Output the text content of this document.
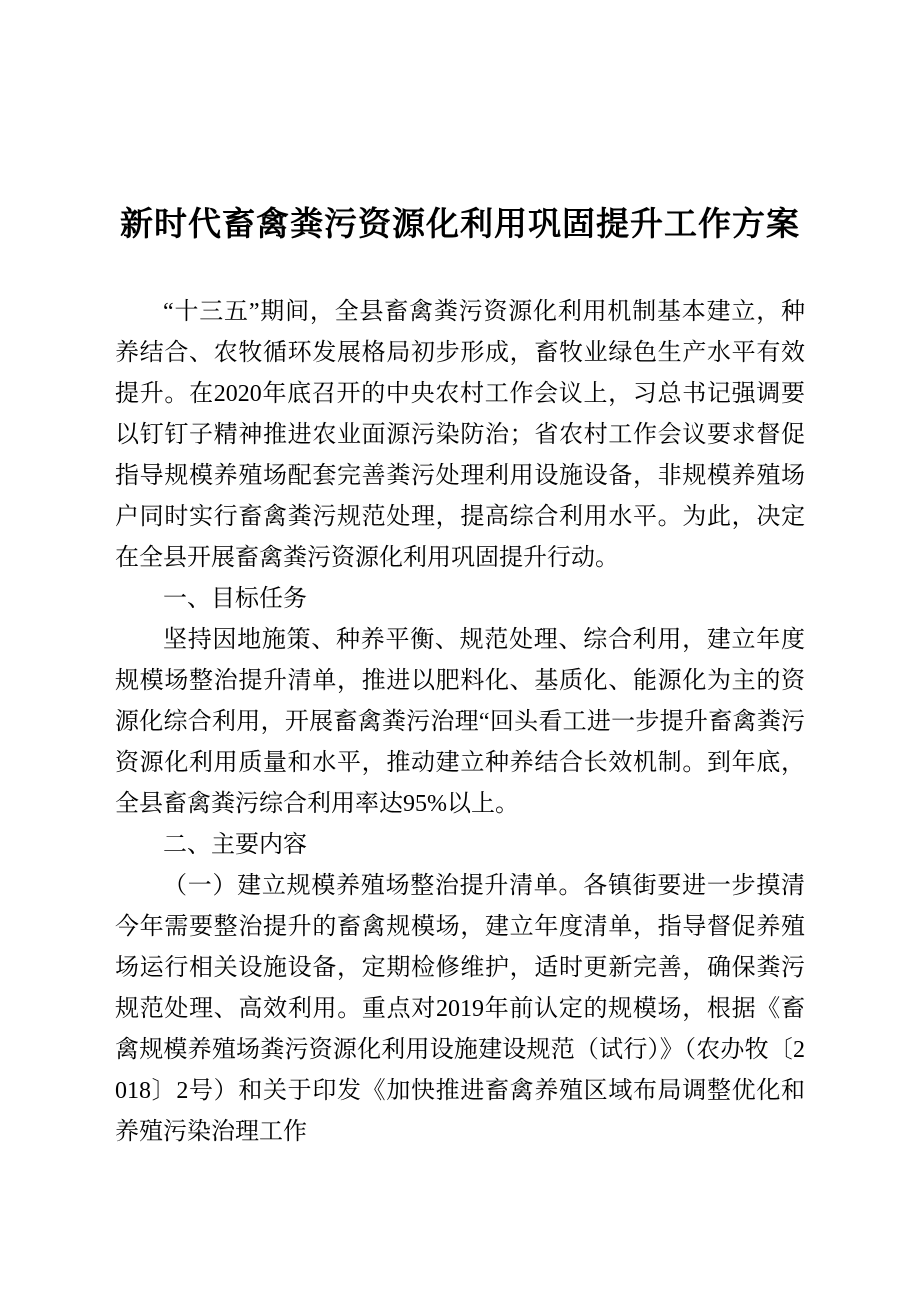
新时代畜禽粪污资源化利用巩固提升工作方案

“十三五”期间，全县畜禽粪污资源化利用机制基本建立，种养结合、农牧循环发展格局初步形成，畜牧业绿色生产水平有效提升。在2020年底召开的中央农村工作会议上，习总书记强调要以钉钉子精神推进农业面源污染防治；省农村工作会议要求督促指导规模养殖场配套完善粪污处理利用设施设备，非规模养殖场户同时实行畜禽粪污规范处理，提高综合利用水平。为此，决定在全县开展畜禽粪污资源化利用巩固提升行动。

一、目标任务

坚持因地施策、种养平衡、规范处理、综合利用，建立年度规模场整治提升清单，推进以肥料化、基质化、能源化为主的资源化综合利用，开展畜禽粪污治理“回头看工进一步提升畜禽粪污资源化利用质量和水平，推动建立种养结合长效机制。到年底，全县畜禽粪污综合利用率达95%以上。

二、主要内容

（一）建立规模养殖场整治提升清单。各镇街要进一步摸清今年需要整治提升的畜禽规模场，建立年度清单，指导督促养殖场运行相关设施设备，定期检修维护，适时更新完善，确保粪污规范处理、高效利用。重点对2019年前认定的规模场，根据《畜禽规模养殖场粪污资源化利用设施建设规范（试行）》（农办牧〔2018〕2号）和关于印发《加快推进畜禽养殖区域布局调整优化和养殖污染治理工作
